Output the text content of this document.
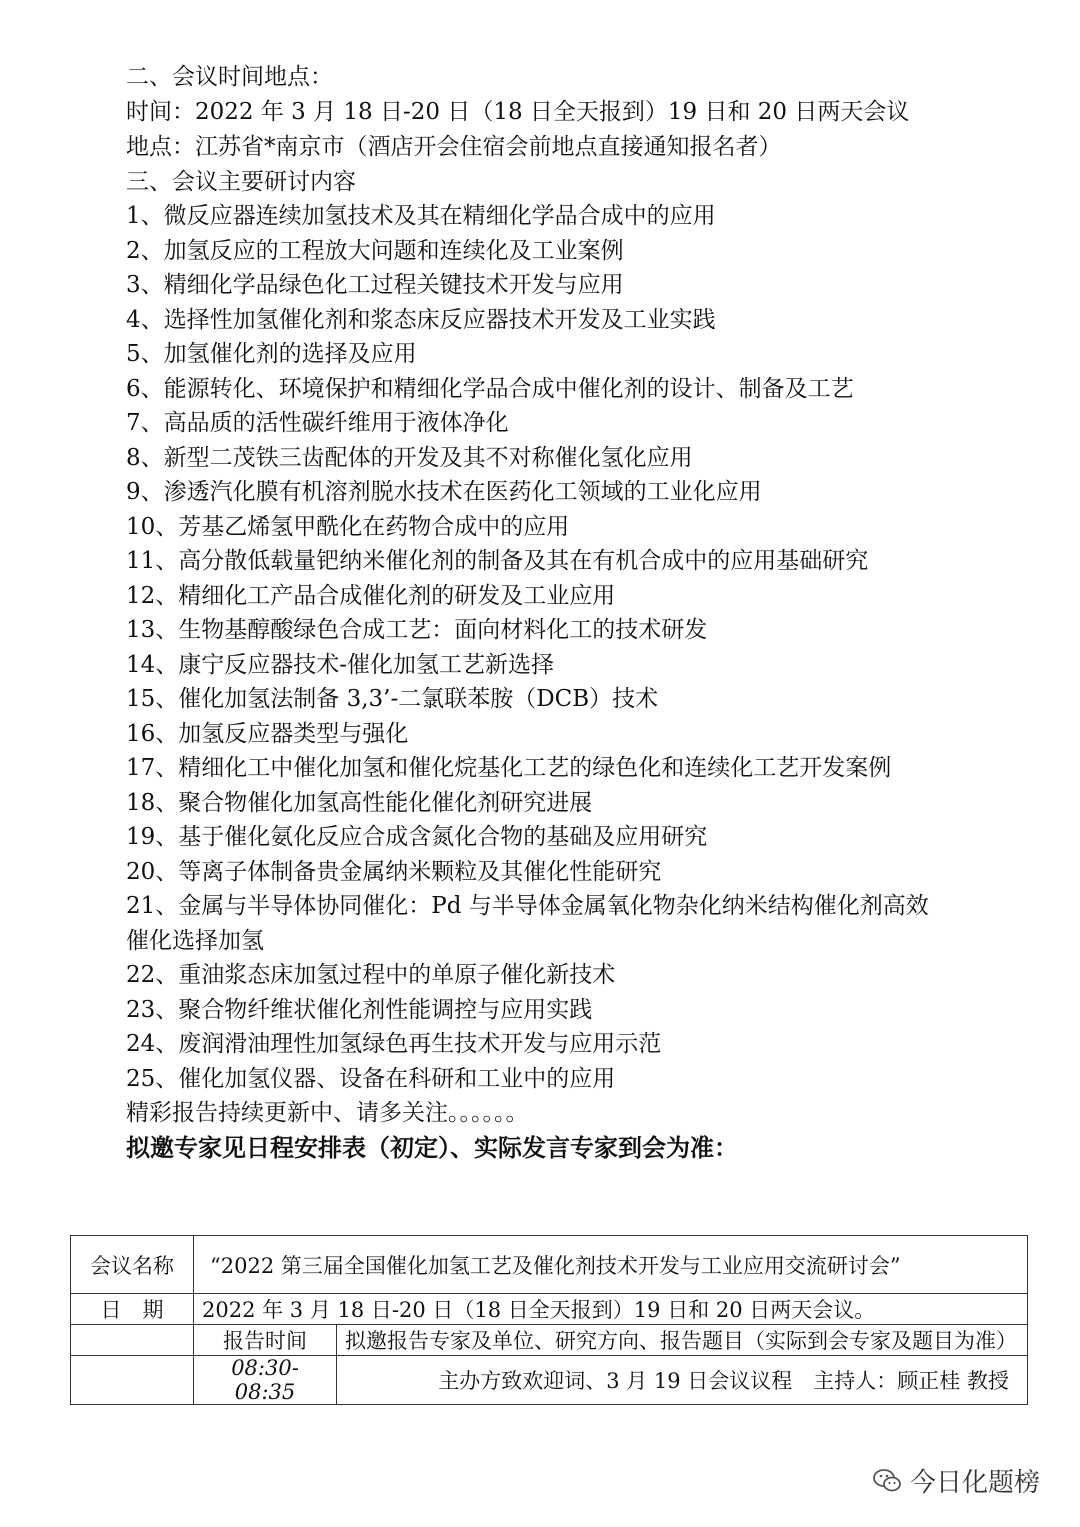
二、会议时间地点：
时间：2022 年 3 月 18 日-20 日（18 日全天报到）19 日和 20 日两天会议
地点：江苏省*南京市（酒店开会住宿会前地点直接通知报名者）
三、会议主要研讨内容
1、微反应器连续加氢技术及其在精细化学品合成中的应用
2、加氢反应的工程放大问题和连续化及工业案例
3、精细化学品绿色化工过程关键技术开发与应用
4、选择性加氢催化剂和浆态床反应器技术开发及工业实践
5、加氢催化剂的选择及应用
6、能源转化、环境保护和精细化学品合成中催化剂的设计、制备及工艺
7、高品质的活性碳纤维用于液体净化
8、新型二茂铁三齿配体的开发及其不对称催化氢化应用
9、渗透汽化膜有机溶剂脱水技术在医药化工领域的工业化应用
10、芳基乙烯氢甲酰化在药物合成中的应用
11、高分散低载量钯纳米催化剂的制备及其在有机合成中的应用基础研究
12、精细化工产品合成催化剂的研发及工业应用
13、生物基醇酸绿色合成工艺：面向材料化工的技术研发
14、康宁反应器技术-催化加氢工艺新选择
15、催化加氢法制备 3,3’-二氯联苯胺（DCB）技术
16、加氢反应器类型与强化
17、精细化工中催化加氢和催化烷基化工艺的绿色化和连续化工艺开发案例
18、聚合物催化加氢高性能化催化剂研究进展
19、基于催化氨化反应合成含氮化合物的基础及应用研究
20、等离子体制备贵金属纳米颗粒及其催化性能研究
21、金属与半导体协同催化：Pd 与半导体金属氧化物杂化纳米结构催化剂高效
催化选择加氢
22、重油浆态床加氢过程中的单原子催化新技术
23、聚合物纤维状催化剂性能调控与应用实践
24、废润滑油理性加氢绿色再生技术开发与应用示范
25、催化加氢仪器、设备在科研和工业中的应用
精彩报告持续更新中、请多关注。。。。。。
拟邀专家见日程安排表（初定）、实际发言专家到会为准：
会议名称	“2022 第三届全国催化加氢工艺及催化剂技术开发与工业应用交流研讨会”	
日　期	2022 年 3 月 18 日-20 日（18 日全天报到）19 日和 20 日两天会议。	
	报告时间	拟邀报告专家及单位、研究方向、报告题目（实际到会专家及题目为准）
	08:30-08:35	主办方致欢迎词、3 月 19 日会议议程　主持人：顾正桂 教授
今日化题榜
